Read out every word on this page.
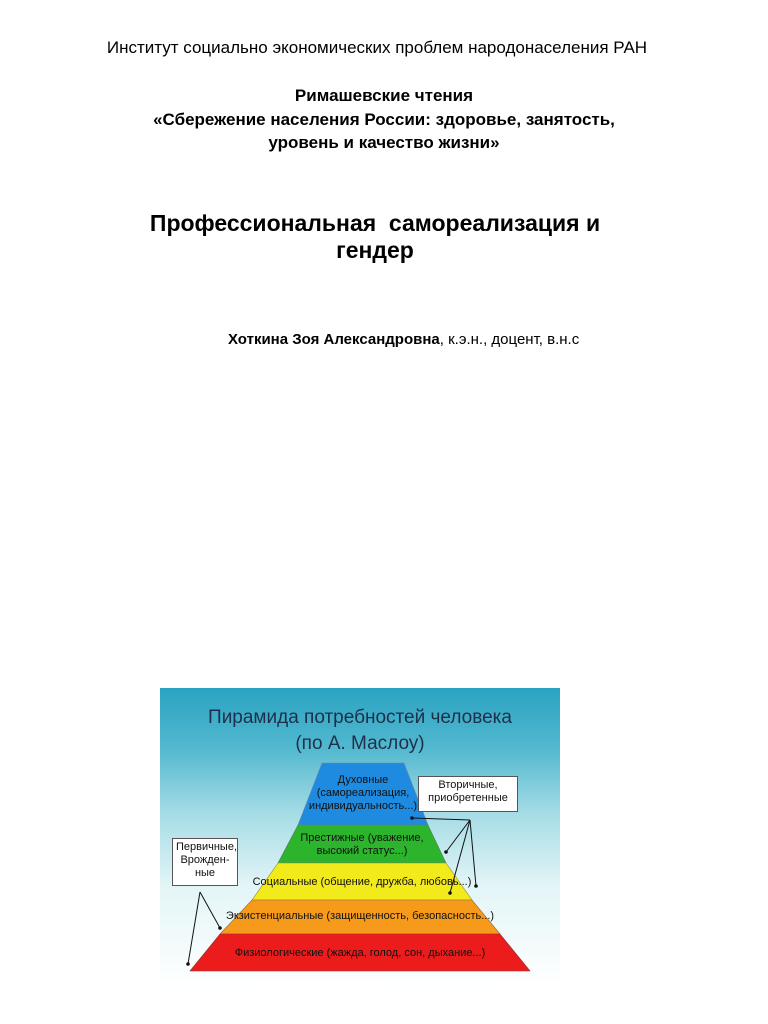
Институт социально экономических проблем народонаселения РАН
Римашевские чтения
«Сбережение населения России: здоровье, занятость,
уровень и качество жизни»
Профессиональная  самореализация и
гендер
Хоткина Зоя Александровна, к.э.н., доцент, в.н.с
Пирамида потребностей человека
(по А. Маслоу)
Духовные
(самореализация,
индивидуальность...)
Престижные (уважение,
высокий статус...)
Социальные (общение, дружба, любовь...)
Экзистенциальные (защищенность, безопасность...)
Физиологические (жажда, голод, сон, дыхание...)
Вторичные,
приобретенные
Первичные,
Врожден-
ные
